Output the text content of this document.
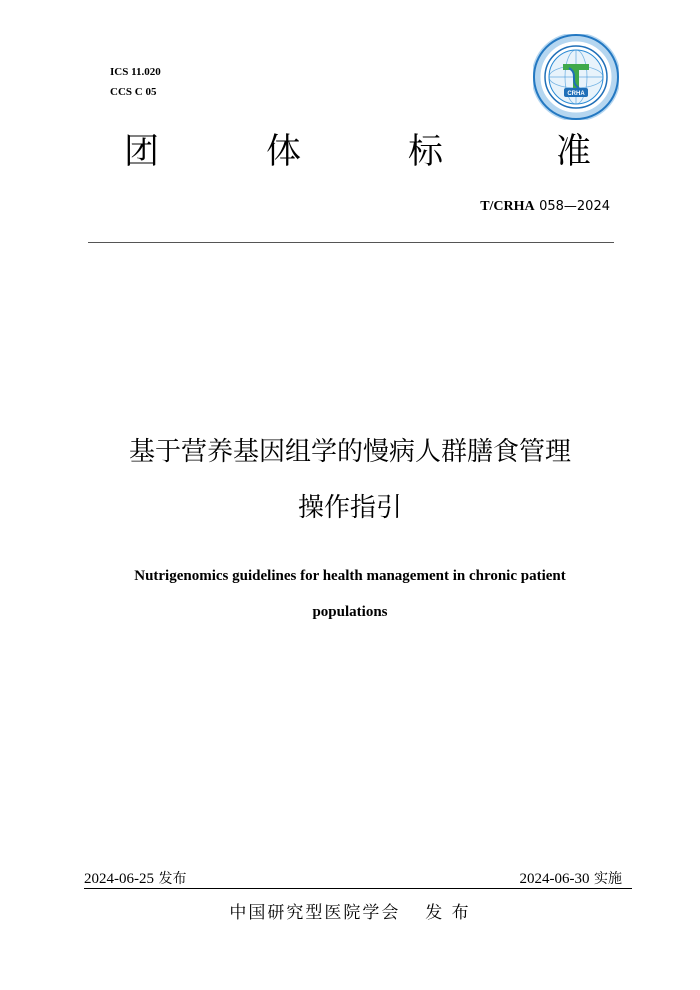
ICS 11.020
CCS C 05	CRHA
团	体	标	准
T/CRHA 058—2024
基于营养基因组学的慢病人群膳食管理
操作指引
Nutrigenomics guidelines for health management in chronic patient
populations
2024-06-25 发布	2024-06-30 实施
中国研究型医院学会 发 布
